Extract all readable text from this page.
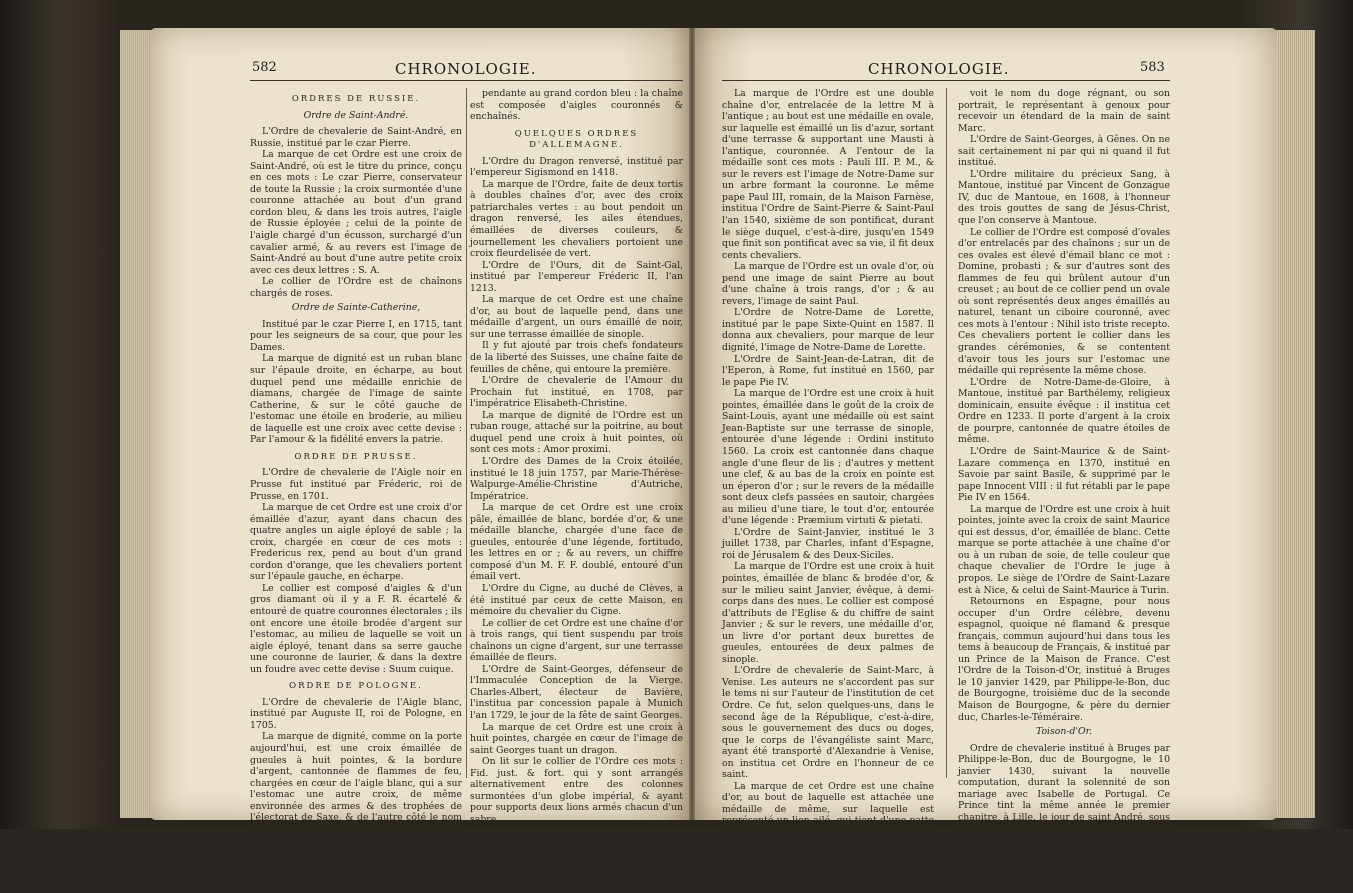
582	CHRONOLOGIE.	CHRONOLOGIE.	583

ORDRES DE RUSSIE.

Ordre de Saint-André.

L'Ordre de chevalerie de Saint-André, en Russie, institué par le czar Pierre.

La marque de cet Ordre est une croix de Saint-André, où est le titre du prince, conçu en ces mots : Le czar Pierre, conservateur de toute la Russie ; la croix surmontée d'une couronne attachée au bout d'un grand cordon bleu, & dans les trois autres, l'aigle de Russie éployée ; celui de la pointe de l'aigle chargé d'un écusson, surchargé d'un cavalier armé, & au revers est l'image de Saint-André au bout d'une autre petite croix avec ces deux lettres : S. A.

Le collier de l'Ordre est de chaînons chargés de roses.

Ordre de Sainte-Catherine,

Institué par le czar Pierre I, en 1715, tant pour les seigneurs de sa cour, que pour les Dames.

La marque de dignité est un ruban blanc sur l'épaule droite, en écharpe, au bout duquel pend une médaille enrichie de diamans, chargée de l'image de sainte Catherine, & sur le côté gauche de l'estomac une étoile en broderie, au milieu de laquelle est une croix avec cette devise : Par l'amour & la fidélité envers la patrie.

ORDRE DE PRUSSE.

L'Ordre de chevalerie de l'Aigle noir en Prusse fut institué par Fréderic, roi de Prusse, en 1701.

La marque de cet Ordre est une croix d'or émaillée d'azur, ayant dans chacun des quatre angles un aigle éployé de sable ; la croix, chargée en cœur de ces mots : Fredericus rex, pend au bout d'un grand cordon d'orange, que les chevaliers portent sur l'épaule gauche, en écharpe.

Le collier est composé d'aigles & d'un gros diamant où il y a F. R. écartelé & entouré de quatre couronnes électorales ; ils ont encore une étoile brodée d'argent sur l'estomac, au milieu de laquelle se voit un aigle éployé, tenant dans sa serre gauche une couronne de laurier, & dans la dextre un foudre avec cette devise : Suum cuique.

ORDRE DE POLOGNE.

L'Ordre de chevalerie de l'Aigle blanc, institué par Auguste II, roi de Pologne, en 1705.

La marque de dignité, comme on la porte aujourd'hui, est une croix émaillée de gueules à huit pointes, & la bordure d'argent, cantonnée de flammes de feu, chargées en cœur de l'aigle blanc, qui a sur l'estomac une autre croix, de même environnée des armes & des trophées de l'électorat de Saxe, & de l'autre côté le nom du Roi en chiffre, avec cette devise : Pro fide, rege & lege, le tout surmonté d'une petite couronne de diamant,

pendante au grand cordon bleu : la chaîne est composée d'aigles couronnés & enchaînés.

QUELQUES ORDRES D'ALLEMAGNE.

L'Ordre du Dragon renversé, institué par l'empereur Sigismond en 1418.

La marque de l'Ordre, faite de deux tortis à doubles chaînes d'or, avec des croix patriarchales vertes : au bout pendoit un dragon renversé, les ailes étendues, émaillées de diverses couleurs, & journellement les chevaliers portoient une croix fleurdelisée de vert.

L'Ordre de l'Ours, dit de Saint-Gal, institué par l'empereur Fréderic II, l'an 1213.

La marque de cet Ordre est une chaîne d'or, au bout de laquelle pend, dans une médaille d'argent, un ours émaillé de noir, sur une terrasse émaillée de sinople.

Il y fut ajouté par trois chefs fondateurs de la liberté des Suisses, une chaîne faite de feuilles de chêne, qui entoure la première.

L'Ordre de chevalerie de l'Amour du Prochain fut institué, en 1708, par l'impératrice Elisabeth-Christine.

La marque de dignité de l'Ordre est un ruban rouge, attaché sur la poitrine, au bout duquel pend une croix à huit pointes, où sont ces mots : Amor proximi.

L'Ordre des Dames de la Croix étoilée, institué le 18 juin 1757, par Marie-Thérèse-Walpurge-Amélie-Christine d'Autriche, Impératrice.

La marque de cet Ordre est une croix pâle, émaillée de blanc, bordée d'or, & une médaille blanche, chargée d'une face de gueules, entourée d'une légende, fortitudo, les lettres en or ; & au revers, un chiffre composé d'un M. F. F. doublé, entouré d'un émail vert.

L'Ordre du Cigne, au duché de Clèves, a été institué par ceux de cette Maison, en mémoire du chevalier du Cigne.

Le collier de cet Ordre est une chaîne d'or à trois rangs, qui tient suspendu par trois chaînons un cigne d'argent, sur une terrasse émaillée de fleurs.

L'Ordre de Saint-Georges, défenseur de l'Immaculée Conception de la Vierge. Charles-Albert, électeur de Bavière, l'institua par concession papale à Munich l'an 1729, le jour de la fête de saint Georges.

La marque de cet Ordre est une croix à huit pointes, chargée en cœur de l'image de saint Georges tuant un dragon.

On lit sur le collier de l'Ordre ces mots : Fid. just. & fort. qui y sont arrangés alternativement entre des colonnes surmontées d'un globe impérial, & ayant pour supports deux lions armés chacun d'un sabre.

QUELQUES ORDRES D'ITALIE.

L'Ordre du Lis, institué par le pape Paul III.

La marque de l'Ordre est une double chaîne d'or, entrelacée de la lettre M à l'antique ; au bout est une médaille en ovale, sur laquelle est émaillé un lis d'azur, sortant d'une terrasse & supportant une Mausti à l'antique, couronnée. A l'entour de la médaille sont ces mots : Pauli III. P. M., & sur le revers est l'image de Notre-Dame sur un arbre formant la couronne. Le même pape Paul III, romain, de la Maison Farnèse, institua l'Ordre de Saint-Pierre & Saint-Paul l'an 1540, sixième de son pontificat, durant le siège duquel, c'est-à-dire, jusqu'en 1549 que finit son pontificat avec sa vie, il fit deux cents chevaliers.

La marque de l'Ordre est un ovale d'or, où pend une image de saint Pierre au bout d'une chaîne à trois rangs, d'or ; & au revers, l'image de saint Paul.

L'Ordre de Notre-Dame de Lorette, institué par le pape Sixte-Quint en 1587. Il donna aux chevaliers, pour marque de leur dignité, l'image de Notre-Dame de Lorette.

L'Ordre de Saint-Jean-de-Latran, dit de l'Eperon, à Rome, fut institué en 1560, par le pape Pie IV.

La marque de l'Ordre est une croix à huit pointes, émaillée dans le goût de la croix de Saint-Louis, ayant une médaille où est saint Jean-Baptiste sur une terrasse de sinople, entourée d'une légende : Ordini instituto 1560. La croix est cantonnée dans chaque angle d'une fleur de lis ; d'autres y mettent une clef, & au bas de la croix en pointe est un éperon d'or ; sur le revers de la médaille sont deux clefs passées en sautoir, chargées au milieu d'une tiare, le tout d'or, entourée d'une légende : Præmium virtuti & pietati.

L'Ordre de Saint-Janvier, institué le 3 juillet 1738, par Charles, infant d'Espagne, roi de Jérusalem & des Deux-Siciles.

La marque de l'Ordre est une croix à huit pointes, émaillée de blanc & brodée d'or, & sur le milieu saint Janvier, évêque, à demi-corps dans des nues. Le collier est composé d'attributs de l'Eglise & du chiffre de saint Janvier ; & sur le revers, une médaille d'or, un livre d'or portant deux burettes de gueules, entourées de deux palmes de sinople.

L'Ordre de chevalerie de Saint-Marc, à Venise. Les auteurs ne s'accordent pas sur le tems ni sur l'auteur de l'institution de cet Ordre. Ce fut, selon quelques-uns, dans le second âge de la République, c'est-à-dire, sous le gouvernement des ducs ou doges, que le corps de l'évangéliste saint Marc, ayant été transporté d'Alexandrie à Venise, on institua cet Ordre en l'honneur de ce saint.

La marque de cet Ordre est une chaîne d'or, au bout de laquelle est attachée une médaille de même, sur laquelle est représenté un lion ailé, qui tient d'une patte une épée nue & un livre d'évangiles ouvert, avec ces paroles : Pax tibi, Marce, evangelista meus ; sur le revers de la médaille se

voit le nom du doge régnant, ou son portrait, le représentant à genoux pour recevoir un étendard de la main de saint Marc.

L'Ordre de Saint-Georges, à Gênes. On ne sait certainement ni par qui ni quand il fut institué.

L'Ordre militaire du précieux Sang, à Mantoue, institué par Vincent de Gonzague IV, duc de Mantoue, en 1608, à l'honneur des trois gouttes de sang de Jésus-Christ, que l'on conserve à Mantoue.

Le collier de l'Ordre est composé d'ovales d'or entrelacés par des chaînons ; sur un de ces ovales est élevé d'émail blanc ce mot : Domine, probasti ; & sur d'autres sont des flammes de feu qui brûlent autour d'un creuset ; au bout de ce collier pend un ovale où sont représentés deux anges émaillés au naturel, tenant un ciboire couronné, avec ces mots à l'entour : Nihil isto triste recepto. Ces chevaliers portent le collier dans les grandes cérémonies, & se contentent d'avoir tous les jours sur l'estomac une médaille qui représente la même chose.

L'Ordre de Notre-Dame-de-Gloire, à Mantoue, institué par Barthélemy, religieux dominicain, ensuite évêque : il institua cet Ordre en 1233. Il porte d'argent à la croix de pourpre, cantonnée de quatre étoiles de même.

L'Ordre de Saint-Maurice & de Saint-Lazare commença en 1370, institué en Savoie par saint Basile, & supprimé par le pape Innocent VIII : il fut rétabli par le pape Pie IV en 1564.

La marque de l'Ordre est une croix à huit pointes, jointe avec la croix de saint Maurice qui est dessus, d'or, émaillée de blanc. Cette marque se porte attachée à une chaîne d'or ou à un ruban de soie, de telle couleur que chaque chevalier de l'Ordre le juge à propos. Le siège de l'Ordre de Saint-Lazare est à Nice, & celui de Saint-Maurice à Turin.

Retournons en Espagne, pour nous occuper d'un Ordre célèbre, devenu espagnol, quoique né flamand & presque français, commun aujourd'hui dans tous les tems à beaucoup de Français, & institué par un Prince de la Maison de France. C'est l'Ordre de la Toison-d'Or, institué à Bruges le 10 janvier 1429, par Philippe-le-Bon, duc de Bourgogne, troisième duc de la seconde Maison de Bourgogne, & père du dernier duc, Charles-le-Téméraire.

Toison-d'Or.

Ordre de chevalerie institué à Bruges par Philippe-le-Bon, duc de Bourgogne, le 10 janvier 1430, suivant la nouvelle computation, durant la solennité de son mariage avec Isabelle de Portugal. Ce Prince tint la même année le premier chapitre, à Lille, le jour de saint André, sous la protection de qui il avoit mis le nouvel Ordre ; mais il n'en dressa les statuts que l'année suivante, dans la même ville. Il n'y eut d'abord que vingt-quatre chevaliers ; mais l'an 1516, Charles-Quint voulut qu'il y en eût cinquante, sans y comprendre le
